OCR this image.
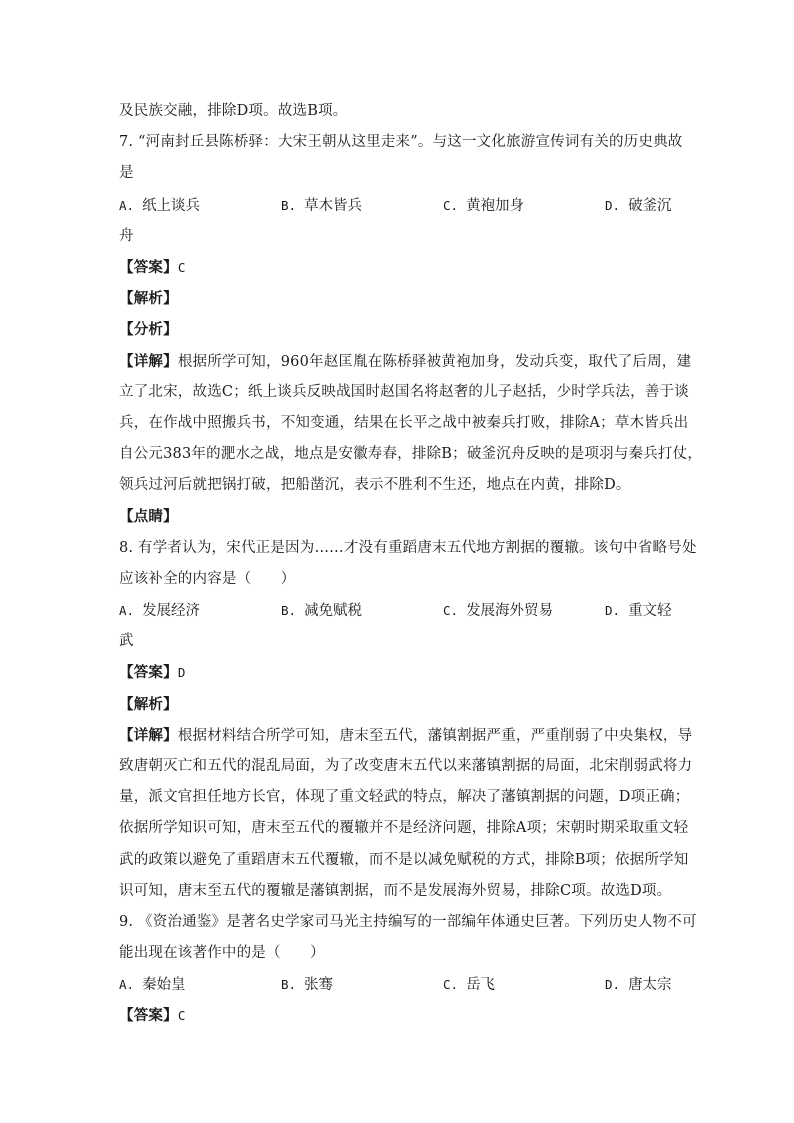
及民族交融，排除D项。故选B项。
7. “河南封丘县陈桥驿：大宋王朝从这里走来”。与这一文化旅游宣传词有关的历史典故
是
A. 纸上谈兵	B. 草木皆兵	C. 黄袍加身	D. 破釜沉
舟
【答案】C
【解析】
【分析】
【详解】根据所学可知，960年赵匡胤在陈桥驿被黄袍加身，发动兵变，取代了后周，建
立了北宋，故选C；纸上谈兵反映战国时赵国名将赵奢的儿子赵括，少时学兵法，善于谈
兵，在作战中照搬兵书，不知变通，结果在长平之战中被秦兵打败，排除A；草木皆兵出
自公元383年的淝水之战，地点是安徽寿春，排除B；破釜沉舟反映的是项羽与秦兵打仗，
领兵过河后就把锅打破，把船凿沉，表示不胜利不生还，地点在内黄，排除D。
【点睛】
8. 有学者认为，宋代正是因为……才没有重蹈唐末五代地方割据的覆辙。该句中省略号处
应该补全的内容是（　　）
A. 发展经济	B. 减免赋税	C. 发展海外贸易	D. 重文轻
武
【答案】D
【解析】
【详解】根据材料结合所学可知，唐末至五代，藩镇割据严重，严重削弱了中央集权，导
致唐朝灭亡和五代的混乱局面，为了改变唐末五代以来藩镇割据的局面，北宋削弱武将力
量，派文官担任地方长官，体现了重文轻武的特点，解决了藩镇割据的问题，D项正确；
依据所学知识可知，唐末至五代的覆辙并不是经济问题，排除A项；宋朝时期采取重文轻
武的政策以避免了重蹈唐末五代覆辙，而不是以减免赋税的方式，排除B项；依据所学知
识可知，唐末至五代的覆辙是藩镇割据，而不是发展海外贸易，排除C项。故选D项。
9. 《资治通鉴》是著名史学家司马光主持编写的一部编年体通史巨著。下列历史人物不可
能出现在该著作中的是（　　）
A. 秦始皇	B. 张骞	C. 岳飞	D. 唐太宗
【答案】C
